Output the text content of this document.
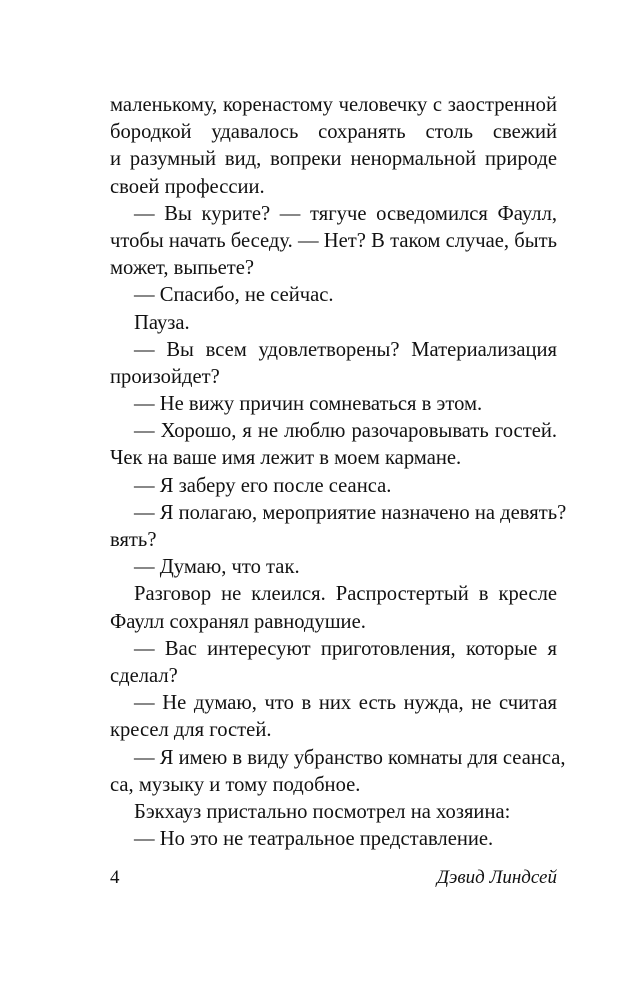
маленькому, коренастому человечку с заостренной
бородкой удавалось сохранять столь свежий
и разумный вид, вопреки ненормальной природе
своей профессии.
— Вы курите? — тягуче осведомился Фаулл,
чтобы начать беседу. — Нет? В таком случае, быть
может, выпьете?
— Спасибо, не сейчас.
Пауза.
— Вы всем удовлетворены? Материализация
произойдет?
— Не вижу причин сомневаться в этом.
— Хорошо, я не люблю разочаровывать гостей.
Чек на ваше имя лежит в моем кармане.
— Я заберу его после сеанса.
— Я полагаю, мероприятие назначено на девять?
вять?
— Думаю, что так.
Разговор не клеился. Распростертый в кресле
Фаулл сохранял равнодушие.
— Вас интересуют приготовления, которые я
сделал?
— Не думаю, что в них есть нужда, не считая
кресел для гостей.
— Я имею в виду убранство комнаты для сеанса,
са, музыку и тому подобное.
Бэкхауз пристально посмотрел на хозяина:
— Но это не театральное представление.
4	Дэвид Линдсей
